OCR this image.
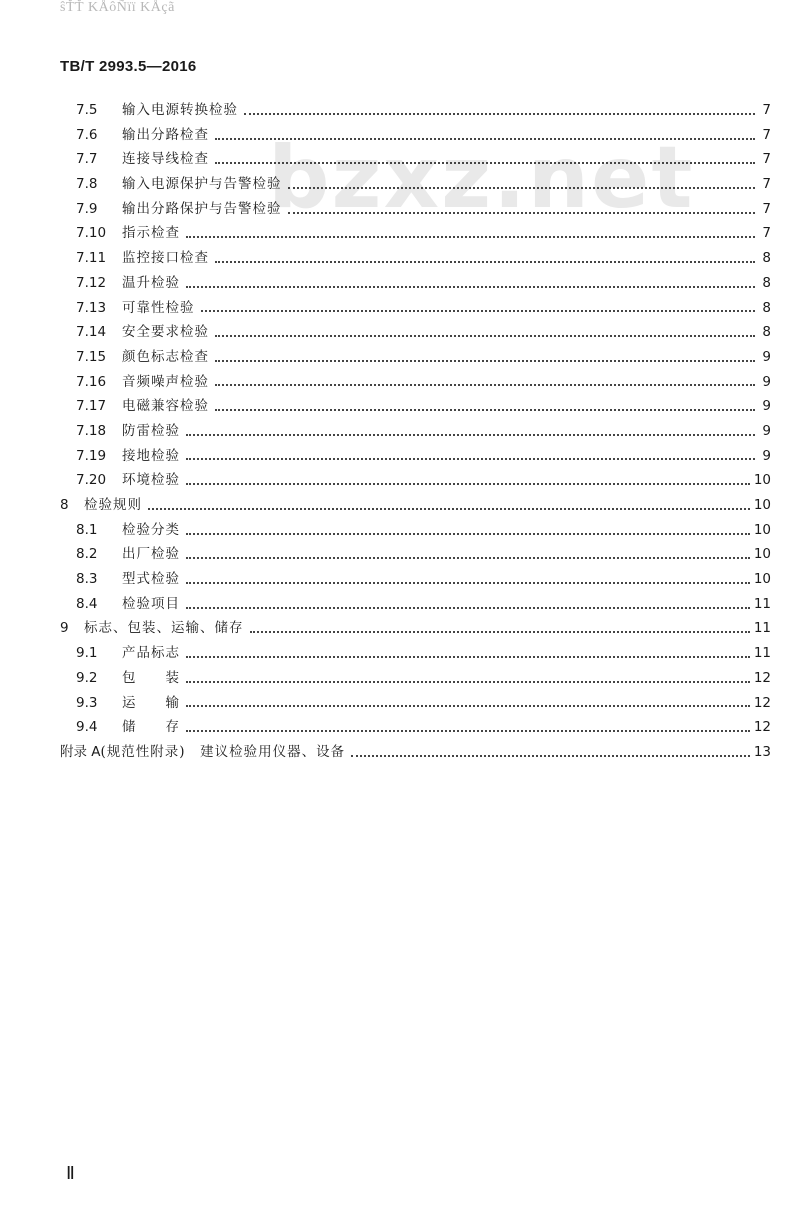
ŝŤŤ KÅôÑïï KÅçã
TB/T 2993.5—2016
bzxz.net
7.5	输入电源转换检验	7
7.6	输出分路检查	7
7.7	连接导线检查	7
7.8	输入电源保护与告警检验	7
7.9	输出分路保护与告警检验	7
7.10	指示检查	7
7.11	监控接口检查	8
7.12	温升检验	8
7.13	可靠性检验	8
7.14	安全要求检验	8
7.15	颜色标志检查	9
7.16	音频噪声检验	9
7.17	电磁兼容检验	9
7.18	防雷检验	9
7.19	接地检验	9
7.20	环境检验	10
8	检验规则	10
8.1	检验分类	10
8.2	出厂检验	10
8.3	型式检验	10
8.4	检验项目	11
9	标志、包装、运输、储存	11
9.1	产品标志	11
9.2	包　　装	12
9.3	运　　输	12
9.4	储　　存	12
附录 A (规范性附录)　建议检验用仪器、设备	13
Ⅱ
